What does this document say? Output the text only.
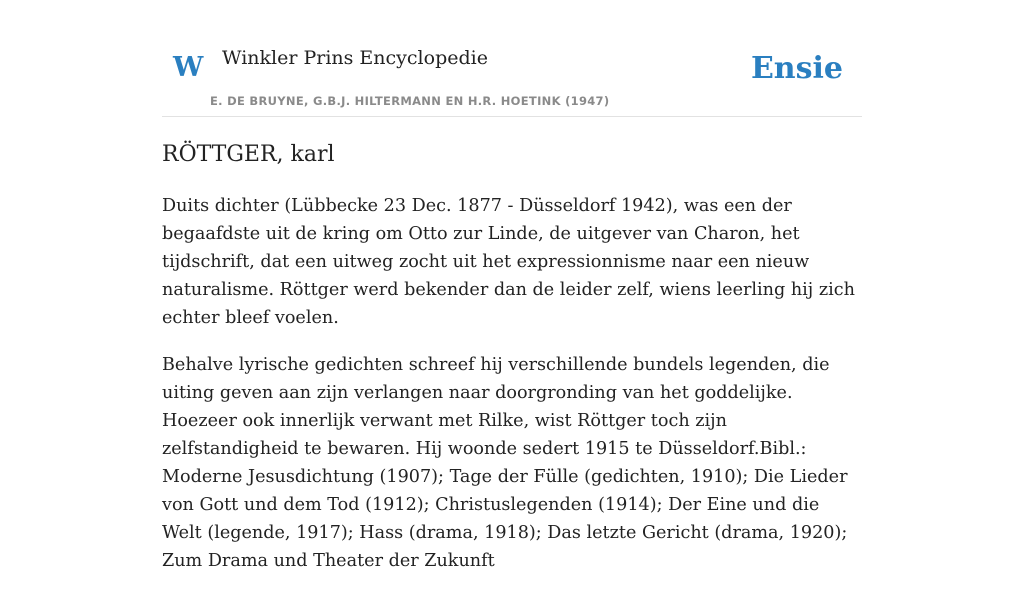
W Winkler Prins Encyclopedie
E. DE BRUYNE, G.B.J. HILTERMANN EN H.R. HOETINK (1947)
Ensie
RÖTTGER, karl

Duits dichter (Lübbecke 23 Dec. 1877 - Düsseldorf 1942), was een der begaafdste uit de kring om Otto zur Linde, de uitgever van Charon, het tijdschrift, dat een uitweg zocht uit het expressionnisme naar een nieuw naturalisme. Röttger werd bekender dan de leider zelf, wiens leerling hij zich echter bleef voelen.

Behalve lyrische gedichten schreef hij verschillende bundels legenden, die uiting geven aan zijn verlangen naar doorgronding van het goddelijke. Hoezeer ook innerlijk verwant met Rilke, wist Röttger toch zijn zelfstandigheid te bewaren. Hij woonde sedert 1915 te Düsseldorf.Bibl.: Moderne Jesusdichtung (1907); Tage der Fülle (gedichten, 1910); Die Lieder von Gott und dem Tod (1912); Christuslegenden (1914); Der Eine und die Welt (legende, 1917); Hass (drama, 1918); Das letzte Gericht (drama, 1920); Zum Drama und Theater der Zukunft
